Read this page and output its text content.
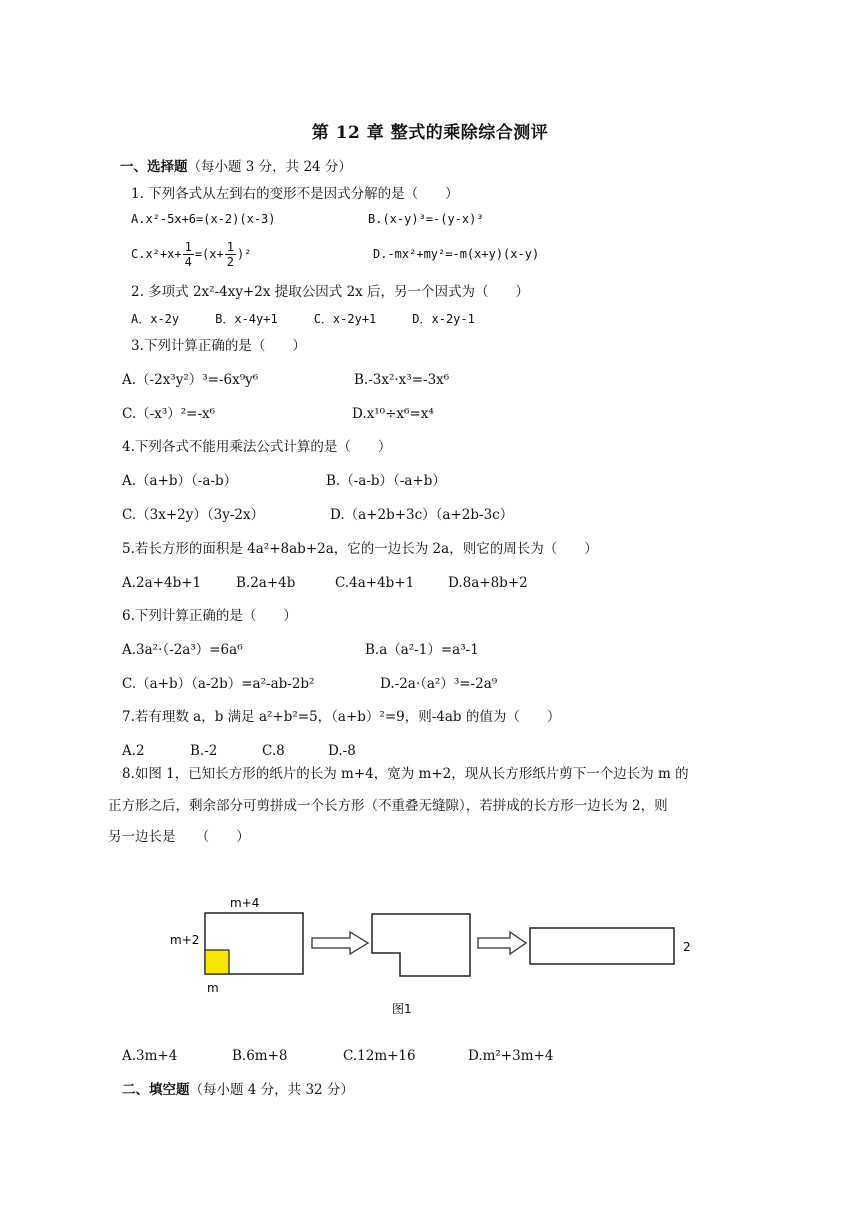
第 12 章 整式的乘除综合测评
一、选择题（每小题 3 分，共 24 分）
1. 下列各式从左到右的变形不是因式分解的是（　　）
A.x²-5x+6=(x-2)(x-3)	B.(x-y)³=-(y-x)³
$C.x^2+x+ \frac{1}{4} =(x+ \frac{1}{2} )^2$	D.-mx²+my²=-m(x+y)(x-y)
2. 多项式 2x²-4xy+2x 提取公因式 2x 后，另一个因式为（　　）
A．x-2y　　　B．x-4y+1　　　C．x-2y+1　　　D．x-2y-1
3.下列计算正确的是（　　）
A.（-2x³y²）³=-6x⁹y⁶	B.-3x²·x³=-3x⁶
C.（-x³）²=-x⁶	D.x¹⁰÷x⁶=x⁴
4.下列各式不能用乘法公式计算的是（　　）
A.（a+b）（-a-b）	B.（-a-b）（-a+b）
C.（3x+2y）（3y-2x）	D.（a+2b+3c）（a+2b-3c）
5.若长方形的面积是 4a²+8ab+2a，它的一边长为 2a，则它的周长为（　　）
A.2a+4b+1	B.2a+4b	C.4a+4b+1	D.8a+8b+2
6.下列计算正确的是（　　）
A.3a²·（-2a³）=6a⁶	B.a（a²-1）=a³-1
C.（a+b）（a-2b）=a²-ab-2b²	D.-2a·（a²）³=-2a⁹
7.若有理数 a，b 满足 a²+b²=5，（a+b）²=9，则-4ab 的值为（　　）
A.2	B.-2	C.8	D.-8
8.如图 1，已知长方形的纸片的长为 m+4，宽为 m+2，现从长方形纸片剪下一个边长为 m 的
正方形之后，剩余部分可剪拼成一个长方形（不重叠无缝隙），若拼成的长方形一边长为 2，则
另一边长是　　（　　）
m+4
m+2
m
2
图1
A.3m+4	B.6m+8	C.12m+16	D.m²+3m+4
二、填空题（每小题 4 分，共 32 分）
